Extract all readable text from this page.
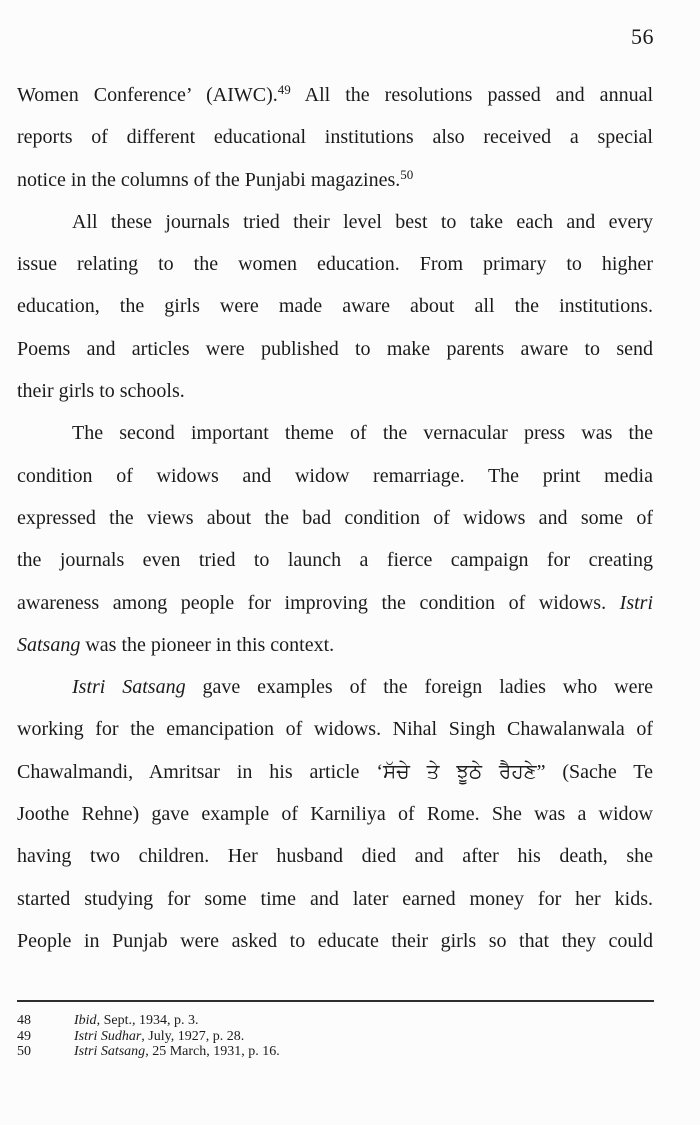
56
Women Conference’ (AIWC).$^{49}$ All the resolutions passed and annual
reports of different educational institutions also received a special
notice in the columns of the Punjabi magazines.$^{50}$
All these journals tried their level best to take each and every
issue relating to the women education. From primary to higher
education, the girls were made aware about all the institutions.
Poems and articles were published to make parents aware to send
their girls to schools.
The second important theme of the vernacular press was the
condition of widows and widow remarriage. The print media
expressed the views about the bad condition of widows and some of
the journals even tried to launch a fierce campaign for creating
awareness among people for improving the condition of widows. Istri
Satsang was the pioneer in this context.
Istri Satsang gave examples of the foreign ladies who were
working for the emancipation of widows. Nihal Singh Chawalanwala of
Chawalmandi, Amritsar in his article ‘ਸੱਚੇ ਤੇ ਝੂਠੇ ਰੈਹਣੇ” (Sache Te
Joothe Rehne) gave example of Karniliya of Rome. She was a widow
having two children. Her husband died and after his death, she
started studying for some time and later earned money for her kids.
People in Punjab were asked to educate their girls so that they could
48	Ibid, Sept., 1934, p. 3.
49	Istri Sudhar, July, 1927, p. 28.
50	Istri Satsang, 25 March, 1931, p. 16.
